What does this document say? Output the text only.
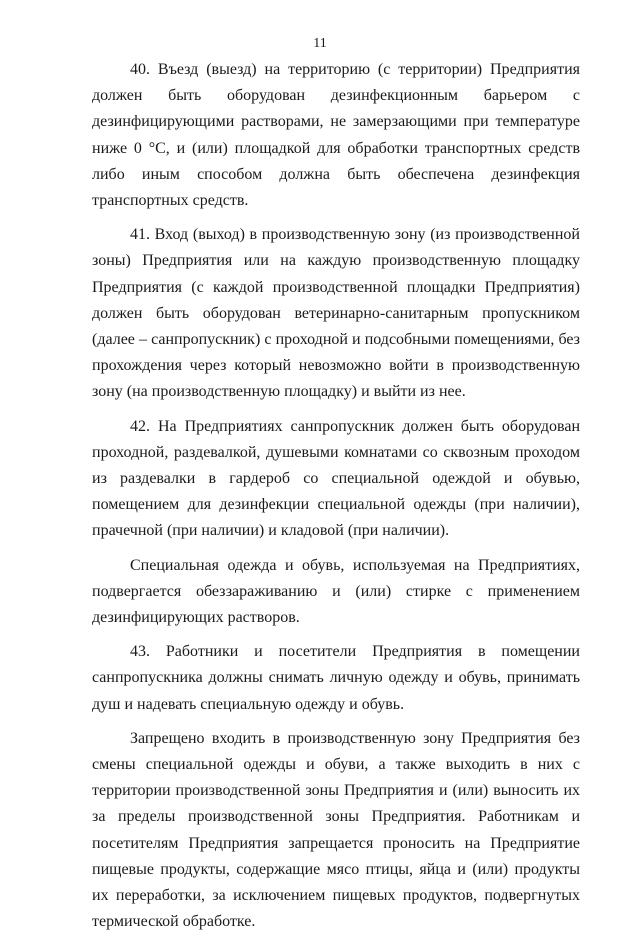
11

40. Въезд (выезд) на территорию (с территории) Предприятия должен быть оборудован дезинфекционным барьером с дезинфицирующими растворами, не замерзающими при температуре ниже 0 °С, и (или) площадкой для обработки транспортных средств либо иным способом должна быть обеспечена дезинфекция транспортных средств.

41. Вход (выход) в производственную зону (из производственной зоны) Предприятия или на каждую производственную площадку Предприятия (с каждой производственной площадки Предприятия) должен быть оборудован ветеринарно-санитарным пропускником (далее – санпропускник) с проходной и подсобными помещениями, без прохождения через который невозможно войти в производственную зону (на производственную площадку) и выйти из нее.

42. На Предприятиях санпропускник должен быть оборудован проходной, раздевалкой, душевыми комнатами со сквозным проходом из раздевалки в гардероб со специальной одеждой и обувью, помещением для дезинфекции специальной одежды (при наличии), прачечной (при наличии) и кладовой (при наличии).

Специальная одежда и обувь, используемая на Предприятиях, подвергается обеззараживанию и (или) стирке с применением дезинфицирующих растворов.

43. Работники и посетители Предприятия в помещении санпропускника должны снимать личную одежду и обувь, принимать душ и надевать специальную одежду и обувь.

Запрещено входить в производственную зону Предприятия без смены специальной одежды и обуви, а также выходить в них с территории производственной зоны Предприятия и (или) выносить их за пределы производственной зоны Предприятия. Работникам и посетителям Предприятия запрещается проносить на Предприятие пищевые продукты, содержащие мясо птицы, яйца и (или) продукты их переработки, за исключением пищевых продуктов, подвергнутых термической обработке.
